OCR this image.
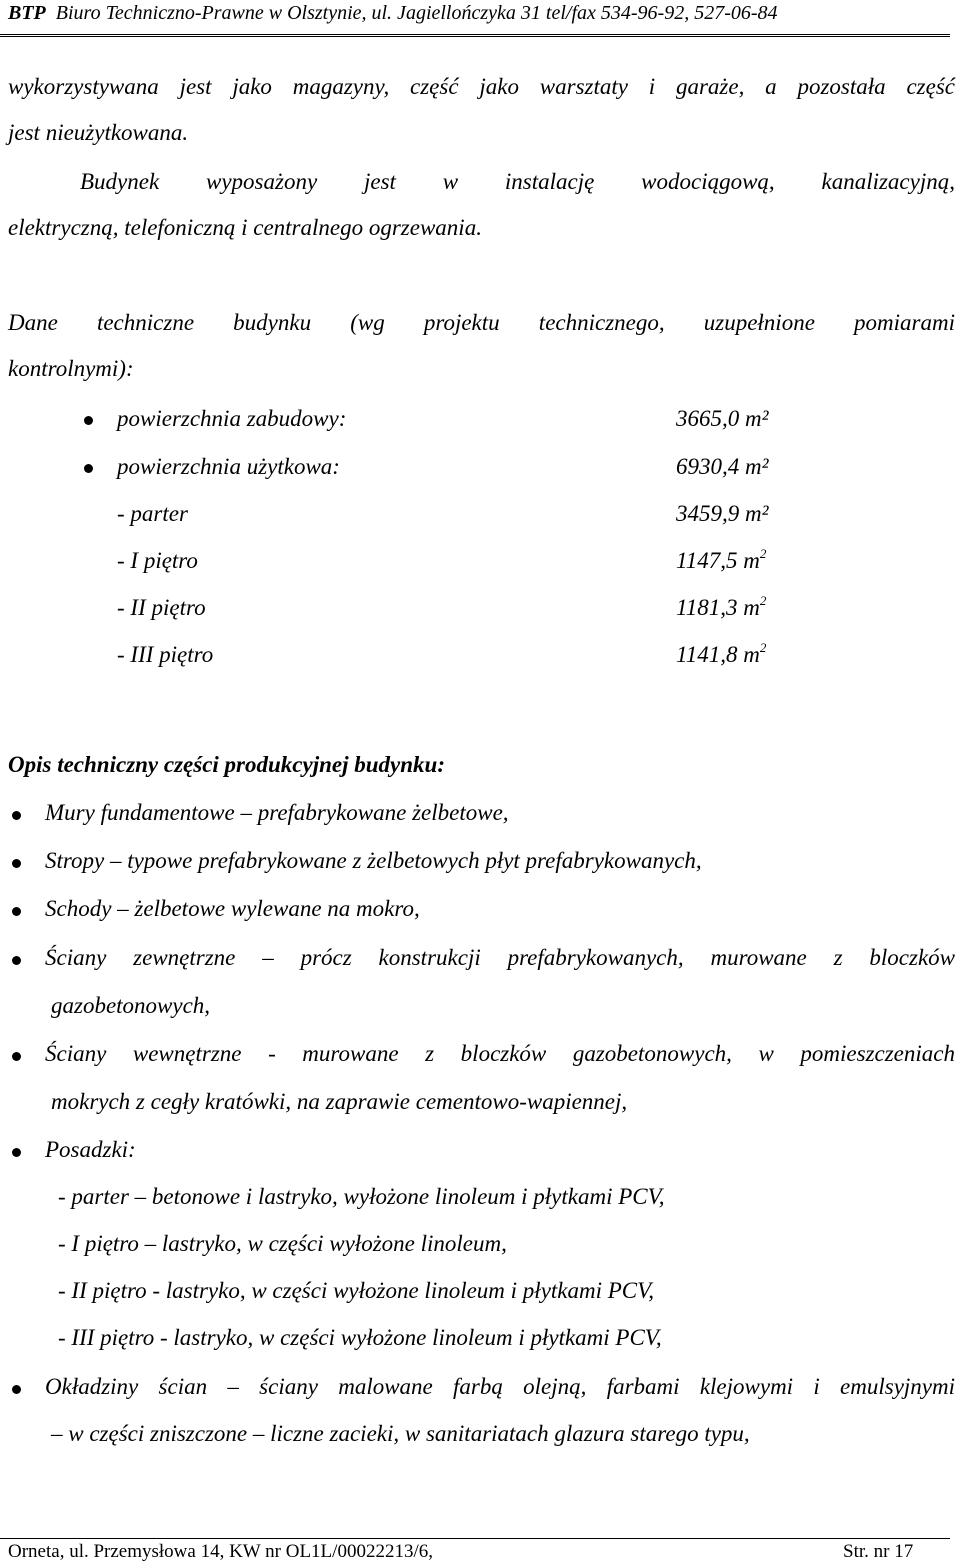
BTP Biuro Techniczno-Prawne w Olsztynie, ul. Jagiellończyka 31 tel/fax 534-96-92, 527-06-84
wykorzystywana jest jako magazyny, część jako warsztaty i garaże, a pozostała część
jest nieużytkowana.
Budynek wyposażony jest w instalację wodociągową, kanalizacyjną,
elektryczną, telefoniczną i centralnego ogrzewania.
Dane techniczne budynku (wg projektu technicznego, uzupełnione pomiarami
kontrolnymi):
powierzchnia zabudowy:	3665,0 m²
powierzchnia użytkowa:	6930,4 m²
- parter	3459,9 m²
- I piętro	1147,5 $m^2$
- II piętro	1181,3 $m^2$
- III piętro	1141,8 $m^2$
Opis techniczny części produkcyjnej budynku:
Mury fundamentowe – prefabrykowane żelbetowe,
Stropy – typowe prefabrykowane z żelbetowych płyt prefabrykowanych,
Schody – żelbetowe wylewane na mokro,
Ściany zewnętrzne – prócz konstrukcji prefabrykowanych, murowane z bloczków
gazobetonowych,
Ściany wewnętrzne - murowane z bloczków gazobetonowych, w pomieszczeniach
mokrych z cegły kratówki, na zaprawie cementowo-wapiennej,
Posadzki:
- parter – betonowe i lastryko, wyłożone linoleum i płytkami PCV,
- I piętro – lastryko, w części wyłożone linoleum,
- II piętro - lastryko, w części wyłożone linoleum i płytkami PCV,
- III piętro - lastryko, w części wyłożone linoleum i płytkami PCV,
Okładziny ścian – ściany malowane farbą olejną, farbami klejowymi i emulsyjnymi
– w części zniszczone – liczne zacieki, w sanitariatach glazura starego typu,
Orneta, ul. Przemysłowa 14, KW nr OL1L/00022213/6,	Str. nr 17
